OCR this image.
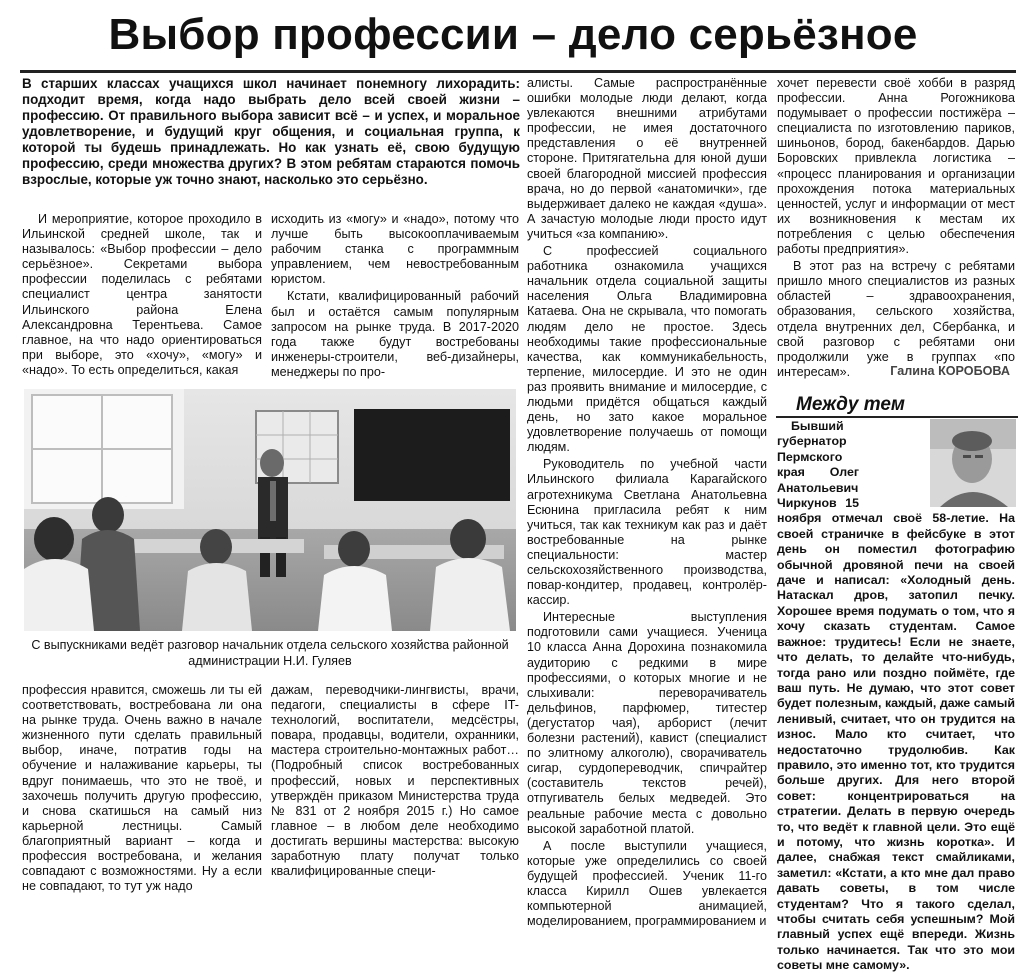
Выбор профессии – дело серьёзное
В старших классах учащихся школ начинает понемногу лихорадить: подходит время, когда надо выбрать дело всей своей жизни – профессию. От правильного выбора зависит всё – и успех, и моральное удовлетворение, и будущий круг общения, и социальная группа, к которой ты будешь принадлежать. Но как узнать её, свою будущую профессию, среди множества других? В этом ребятам стараются помочь взрослые, которые уж точно знают, насколько это серьёзно.

И мероприятие, которое проходило в Ильинской средней школе, так и называлось: «Выбор профессии – дело серьёзное». Секретами выбора профессии поделилась с ребятами специалист центра занятости Ильинского района Елена Александровна Терентьева. Самое главное, на что надо ориентироваться при выборе, это «хочу», «могу» и «надо». То есть определиться, какая

исходить из «могу» и «надо», потому что лучше быть высокооплачиваемым рабочим станка с программным управлением, чем невостребованным юристом.

Кстати, квалифицированный рабочий был и остаётся самым популярным запросом на рынке труда. В 2017-2020 года также будут востребованы инженеры-строители, веб-дизайнеры, менеджеры по про-

С выпускниками ведёт разговор начальник отдела сельского хозяйства районной администрации Н.И. Гуляев

профессия нравится, сможешь ли ты ей соответствовать, востребована ли она на рынке труда. Очень важно в начале жизненного пути сделать правильный выбор, иначе, потратив годы на обучение и налаживание карьеры, ты вдруг понимаешь, что это не твоё, и захочешь получить другую профессию, и снова скатишься на самый низ карьерной лестницы. Самый благоприятный вариант – когда и профессия востребована, и желания совпадают с возможностями. Ну а если не совпадают, то тут уж надо

дажам, переводчики-лингвисты, врачи, педагоги, специалисты в сфере IT-технологий, воспитатели, медсёстры, повара, продавцы, водители, охранники, мастера строительно-монтажных работ… (Подробный список востребованных профессий, новых и перспективных утверждён приказом Министерства труда № 831 от 2 ноября 2015 г.) Но самое главное – в любом деле необходимо достигать вершины мастерства: высокую заработную плату получат только квалифицированные специ-

алисты. Самые распространённые ошибки молодые люди делают, когда увлекаются внешними атрибутами профессии, не имея достаточного представления о её внутренней стороне. Притягательна для юной души своей благородной миссией профессия врача, но до первой «анатомички», где выдерживает далеко не каждая «душа». А зачастую молодые люди просто идут учиться «за компанию».

С профессией социального работника ознакомила учащихся начальник отдела социальной защиты населения Ольга Владимировна Катаева. Она не скрывала, что помогать людям дело не простое. Здесь необходимы такие профессиональные качества, как коммуникабельность, терпение, милосердие. И это не один раз проявить внимание и милосердие, с людьми придётся общаться каждый день, но зато какое моральное удовлетворение получаешь от помощи людям.

Руководитель по учебной части Ильинского филиала Карагайского агротехникума Светлана Анатольевна Есюнина пригласила ребят к ним учиться, так как техникум как раз и даёт востребованные на рынке специальности: мастер сельскохозяйственного производства, повар-кондитер, продавец, контролёр-кассир.

Интересные выступления подготовили сами учащиеся. Ученица 10 класса Анна Дорохина познакомила аудиторию с редкими в мире профессиями, о которых многие и не слыхивали: переворачиватель дельфинов, парфюмер, титестер (дегустатор чая), арборист (лечит болезни растений), кавист (специалист по элитному алкоголю), сворачиватель сигар, сурдопереводчик, спичрайтер (составитель текстов речей), отпугиватель белых медведей. Это реальные рабочие места с довольно высокой заработной платой.

А после выступили учащиеся, которые уже определились со своей будущей профессией. Ученик 11-го класса Кирилл Ошев увлекается компьютерной анимацией, моделированием, программированием и

хочет перевести своё хобби в разряд профессии. Анна Рогожникова подумывает о профессии постижёра – специалиста по изготовлению париков, шиньонов, бород, бакенбардов. Дарью Боровских привлекла логистика – «процесс планирования и организации прохождения потока материальных ценностей, услуг и информации от мест их возникновения к местам их потребления с целью обеспечения работы предприятия».

В этот раз на встречу с ребятами пришло много специалистов из разных областей – здравоохранения, образования, сельского хозяйства, отдела внутренних дел, Сбербанка, и свой разговор с ребятами они продолжили уже в группах «по интересам».	Галина КОРОБОВА
Между тем

Бывший губернатор Пермского края Олег Анатольевич Чиркунов 15 ноября отмечал своё 58-летие. На своей страничке в фейсбуке в этот день он поместил фотографию обычной дровяной печи на своей даче и написал: «Холодный день. Натаскал дров, затопил печку. Хорошее время подумать о том, что я хочу сказать студентам. Самое важное: трудитесь! Если не знаете, что делать, то делайте что-нибудь, тогда рано или поздно поймёте, где ваш путь. Не думаю, что этот совет будет полезным, каждый, даже самый ленивый, считает, что он трудится на износ. Мало кто считает, что недостаточно трудолюбив. Как правило, это именно тот, кто трудится больше других. Для него второй совет: концентрироваться на стратегии. Делать в первую очередь то, что ведёт к главной цели. Это ещё и потому, что жизнь коротка». И далее, снабжая текст смайликами, заметил: «Кстати, а кто мне дал право давать советы, в том числе студентам? Что я такого сделал, чтобы считать себя успешным? Мой главный успех ещё впереди. Жизнь только начинается. Так что это мои советы мне самому».
